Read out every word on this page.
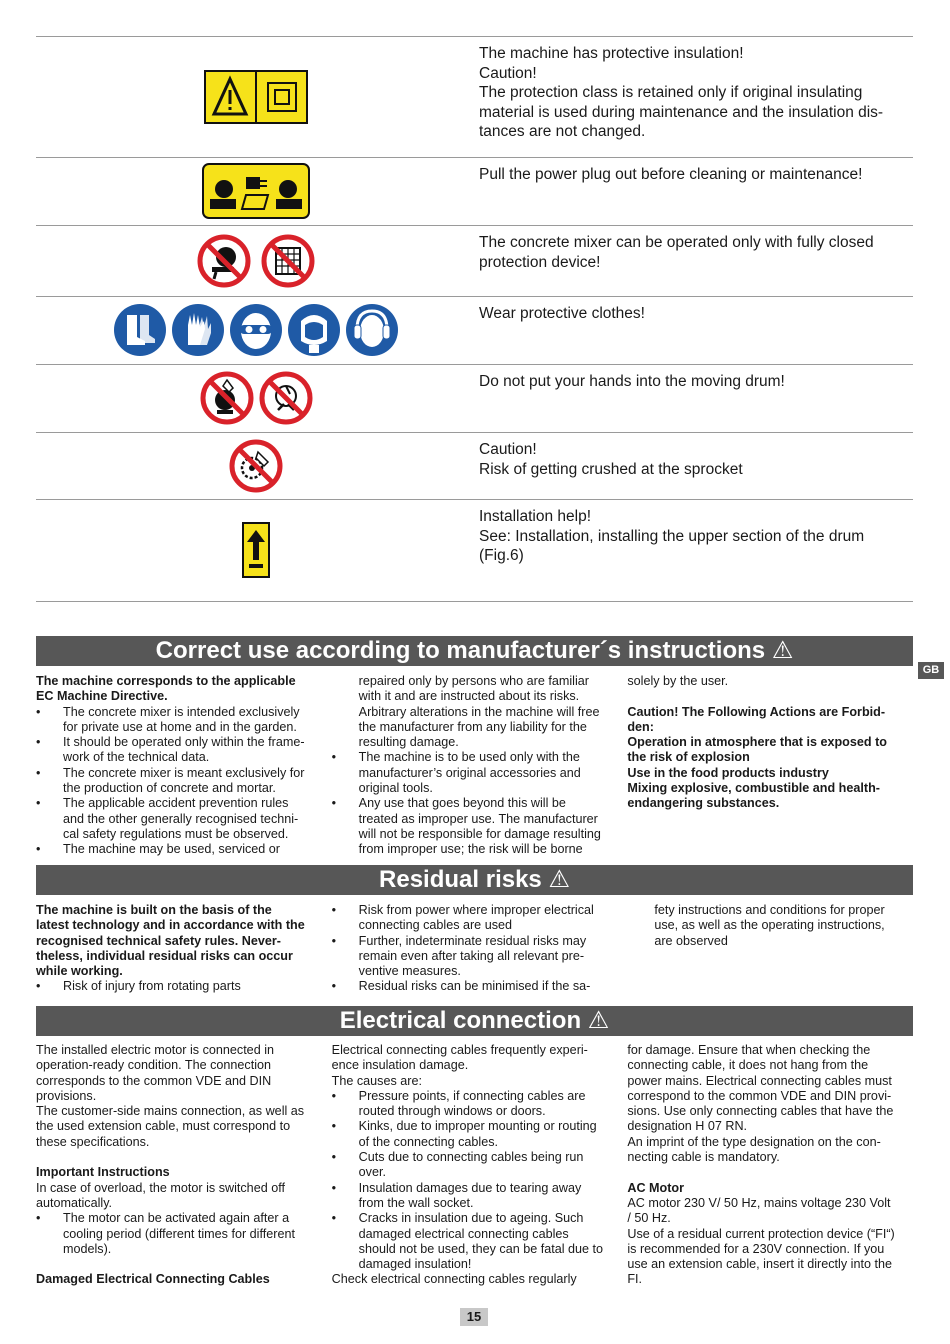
The machine has protective insulation!
Caution!
The protection class is retained only if original insulating
material is used during maintenance and the insulation dis-
tances are not changed.
Pull the power plug out before cleaning or maintenance!
The concrete mixer can be operated only with fully closed
protection device!
Wear protective clothes!
Do not put your hands into the moving drum!
Caution!
Risk of getting crushed at the sprocket
Installation help!
See: Installation, installing the upper section of the drum
(Fig.6)
Correct use according to manufacturer´s instructions ⚠

The machine corresponds to the applicable

EC Machine Directive.

• The concrete mixer is intended exclusively

for private use at home and in the garden.

• It should be operated only within the frame-

work of the technical data.

• The concrete mixer is meant exclusively for

the production of concrete and mortar.

• The applicable accident prevention rules

and the other generally recognised techni-

cal safety regulations must be observed.

• The machine may be used, serviced or

repaired only by persons who are familiar

with it and are instructed about its risks.

Arbitrary alterations in the machine will free

the manufacturer from any liability for the

resulting damage.

• The machine is to be used only with the

manufacturer’s original accessories and

original tools.

• Any use that goes beyond this will be

treated as improper use. The manufacturer

will not be responsible for damage resulting

from improper use; the risk will be borne

solely by the user.

Caution! The Following Actions are Forbid-

den:

Operation in atmosphere that is exposed to

the risk of explosion

Use in the food products industry

Mixing explosive, combustible and health-

endangering substances.

GB
Residual risks ⚠

The machine is built on the basis of the

latest technology and in accordance with the

recognised technical safety rules. Never-

theless, individual residual risks can occur

while working.

• Risk of injury from rotating parts

• Risk from power where improper electrical

connecting cables are used

• Further, indeterminate residual risks may

remain even after taking all relevant pre-

ventive measures.

• Residual risks can be minimised if the sa-

fety instructions and conditions for proper

use, as well as the operating instructions,

are observed

Electrical connection ⚠

The installed electric motor is connected in

operation-ready condition. The connection

corresponds to the common VDE and DIN

provisions.

The customer-side mains connection, as well as

the used extension cable, must correspond to

these specifications.

Important Instructions

In case of overload, the motor is switched off

automatically.

• The motor can be activated again after a

cooling period (different times for different

models).

Damaged Electrical Connecting Cables

Electrical connecting cables frequently experi-

ence insulation damage.

The causes are:

• Pressure points, if connecting cables are

routed through windows or doors.

• Kinks, due to improper mounting or routing

of the connecting cables.

• Cuts due to connecting cables being run

over.

• Insulation damages due to tearing away

from the wall socket.

• Cracks in insulation due to ageing. Such

damaged electrical connecting cables

should not be used, they can be fatal due to

damaged insulation!

Check electrical connecting cables regularly

for damage. Ensure that when checking the

connecting cable, it does not hang from the

power mains. Electrical connecting cables must

correspond to the common VDE and DIN provi-

sions. Use only connecting cables that have the

designation H 07 RN.

An imprint of the type designation on the con-

necting cable is mandatory.

AC Motor

AC motor 230 V/ 50 Hz, mains voltage 230 Volt

/ 50 Hz.

Use of a residual current protection device (“FI“)

is recommended for a 230V connection. If you

use an extension cable, insert it directly into the

FI.

15
